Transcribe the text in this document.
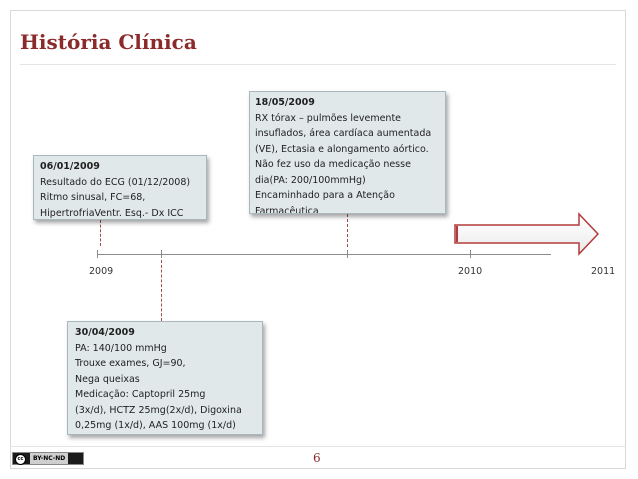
História Clínica
2009	2010	2011
06/01/2009
Resultado do ECG (01/12/2008)
Ritmo sinusal, FC=68,
HipertrofriaVentr. Esq.- Dx ICC
18/05/2009
RX tórax – pulmões levemente
insuflados, área cardíaca aumentada
(VE), Ectasia e alongamento aórtico.
Não fez uso da medicação nesse
dia(PA: 200/100mmHg)
Encaminhado para a Atenção
Farmacêutica
30/04/2009
PA: 140/100 mmHg
Trouxe exames, GJ=90,
Nega queixas
Medicação: Captopril 25mg
(3x/d), HCTZ 25mg(2x/d), Digoxina
0,25mg (1x/d), AAS 100mg (1x/d)
cc	BY-NC-ND	6
